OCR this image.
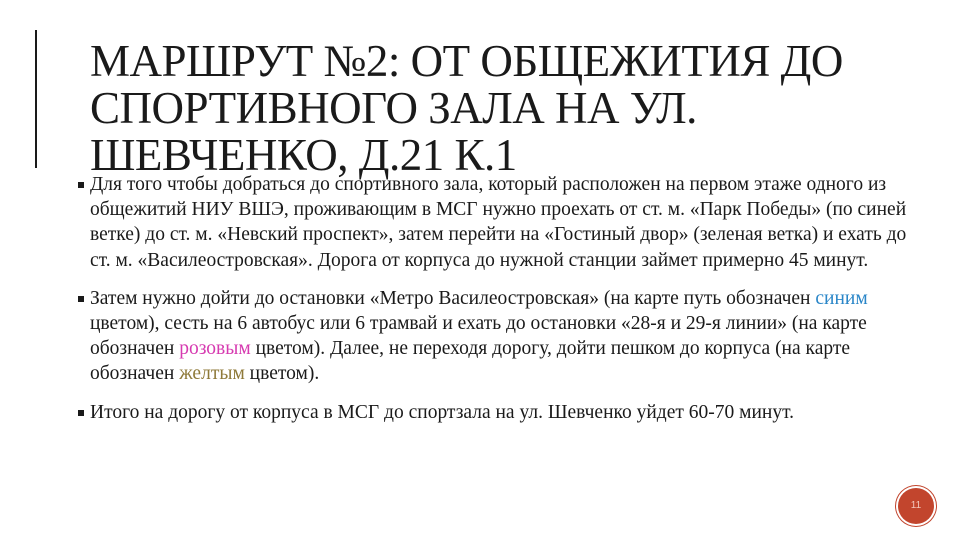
МАРШРУТ №2: ОТ ОБЩЕЖИТИЯ ДО
СПОРТИВНОГО ЗАЛА НА УЛ.
ШЕВЧЕНКО, Д.21 К.1
Для того чтобы добраться до спортивного зала, который расположен на первом этаже одного из общежитий НИУ ВШЭ, проживающим в МСГ нужно проехать от ст. м. «Парк Победы» (по синей ветке) до ст. м. «Невский проспект», затем перейти на «Гостиный двор» (зеленая ветка) и ехать до ст. м. «Василеостровская». Дорога от корпуса до нужной станции займет примерно 45 минут.
Затем нужно дойти до остановки «Метро Василеостровская» (на карте путь обозначен синим цветом), сесть на 6 автобус или 6 трамвай и ехать до остановки «28-я и 29-я линии» (на карте обозначен розовым цветом). Далее, не переходя дорогу, дойти пешком до корпуса (на карте обозначен желтым цветом).
Итого на дорогу от корпуса в МСГ до спортзала на ул. Шевченко уйдет 60-70 минут.
11
